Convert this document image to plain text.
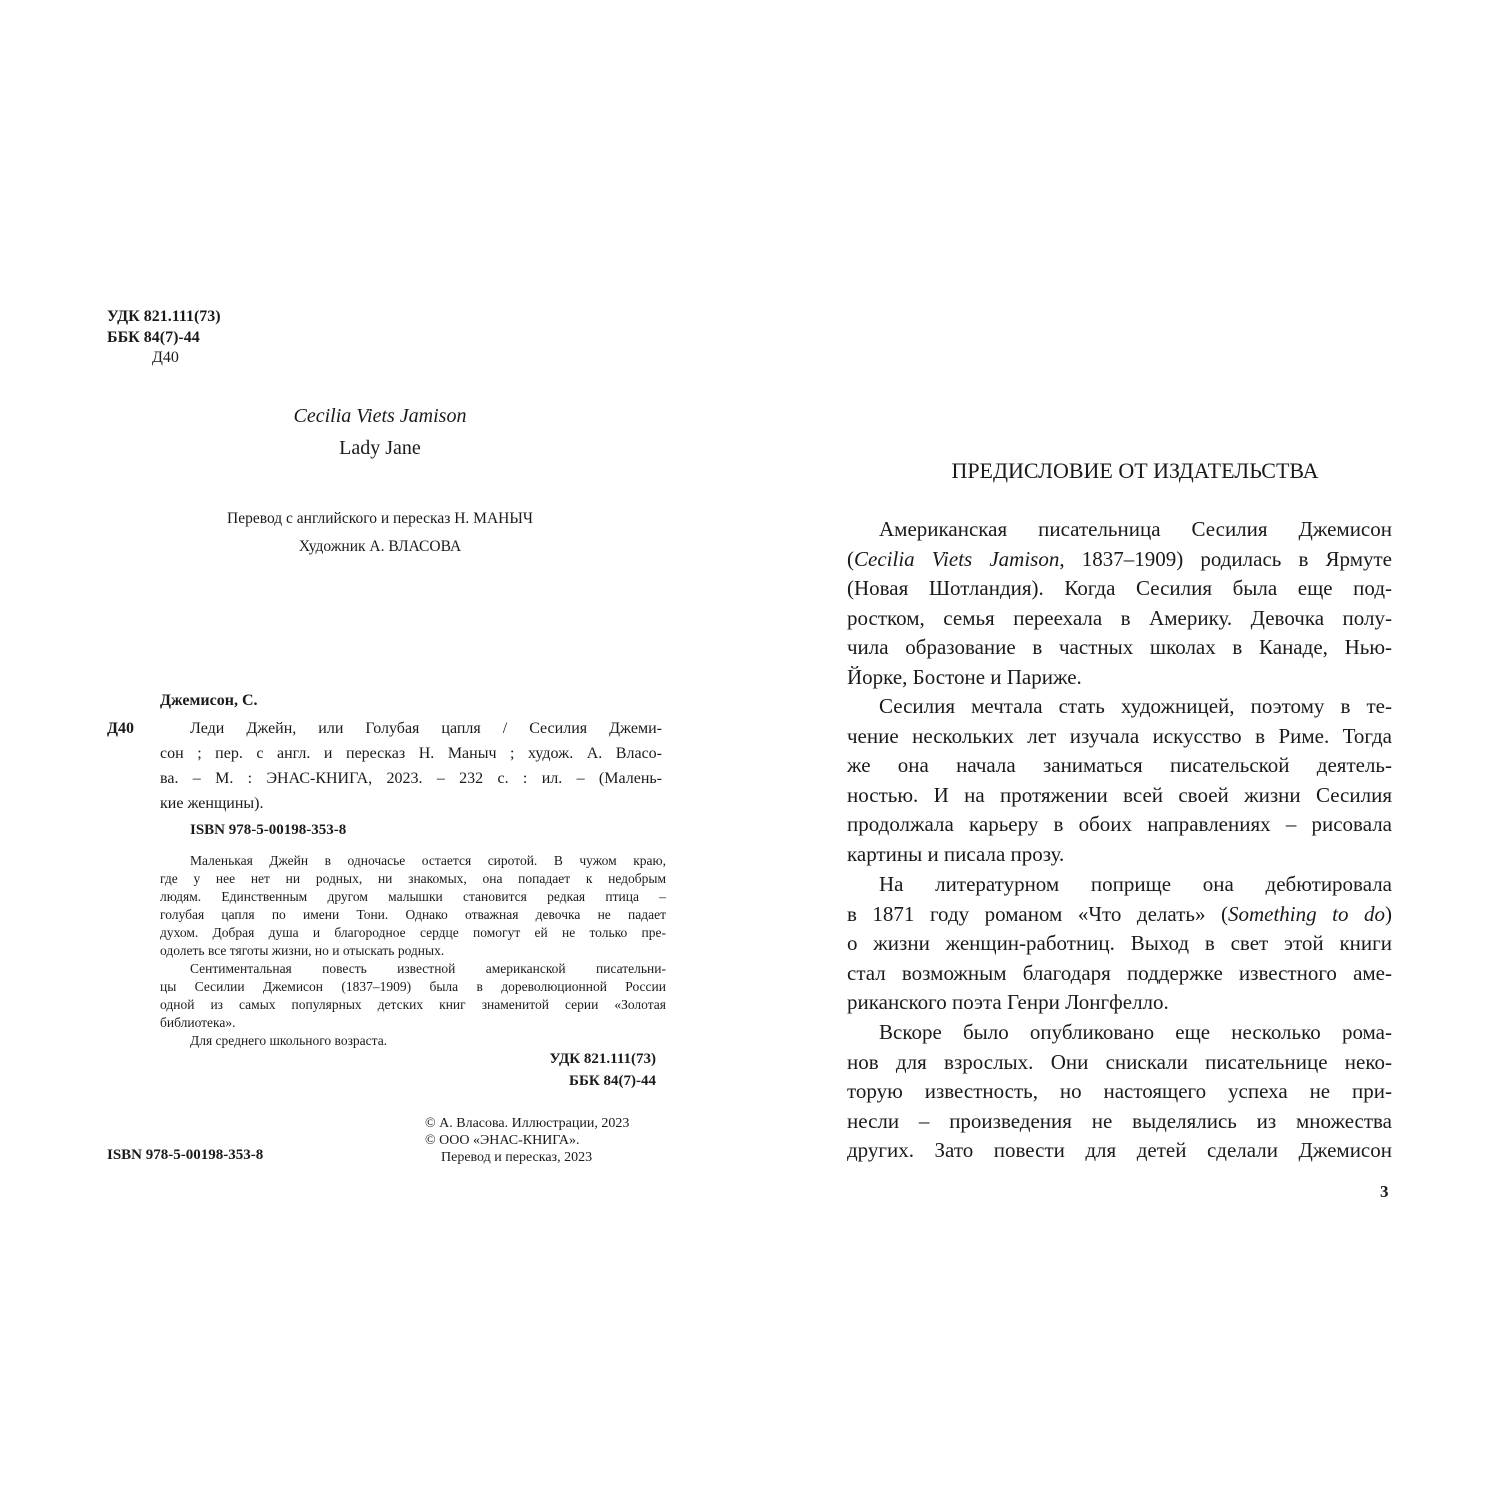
УДК 821.111(73)
ББК 84(7)-44
Д40
Cecilia Viets Jamison
Lady Jane
Перевод с английского и пересказ Н. МАНЫЧ
Художник А. ВЛАСОВА
Джемисон, С.
Д40	Леди Джейн, или Голубая цапля / Сесилия Джеми-
сон ; пер. с англ. и пересказ Н. Маныч ; худож. А. Власо-
ва. – М. : ЭНАС-КНИГА, 2023. – 232 с. : ил. – (Малень-
кие женщины).
ISBN 978-5-00198-353-8
Маленькая Джейн в одночасье остается сиротой. В чужом краю,
где у нее нет ни родных, ни знакомых, она попадает к недобрым
людям. Единственным другом малышки становится редкая птица –
голубая цапля по имени Тони. Однако отважная девочка не падает
духом. Добрая душа и благородное сердце помогут ей не только пре-
одолеть все тяготы жизни, но и отыскать родных.
Сентиментальная повесть известной американской писательни-
цы Сесилии Джемисон (1837–1909) была в дореволюционной России
одной из самых популярных детских книг знаменитой серии «Золотая
библиотека».
Для среднего школьного возраста.
УДК 821.111(73)
ББК 84(7)-44
© А. Власова. Иллюстрации, 2023
© ООО «ЭНАС-КНИГА».
Перевод и пересказ, 2023
ISBN 978-5-00198-353-8
ПРЕДИСЛОВИЕ ОТ ИЗДАТЕЛЬСТВА
Американская писательница Сесилия Джемисон
(Cecilia Viets Jamison, 1837–1909) родилась в Ярмуте
(Новая Шотландия). Когда Сесилия была еще под-
ростком, семья переехала в Америку. Девочка полу-
чила образование в частных школах в Канаде, Нью-
Йорке, Бостоне и Париже.
Сесилия мечтала стать художницей, поэтому в те-
чение нескольких лет изучала искусство в Риме. Тогда
же она начала заниматься писательской деятель-
ностью. И на протяжении всей своей жизни Сесилия
продолжала карьеру в обоих направлениях – рисовала
картины и писала прозу.
На литературном поприще она дебютировала
в 1871 году романом «Что делать» (Something to do)
о жизни женщин-работниц. Выход в свет этой книги
стал возможным благодаря поддержке известного аме-
риканского поэта Генри Лонгфелло.
Вскоре было опубликовано еще несколько рома-
нов для взрослых. Они снискали писательнице неко-
торую известность, но настоящего успеха не при-
несли – произведения не выделялись из множества
других. Зато повести для детей сделали Джемисон
3
